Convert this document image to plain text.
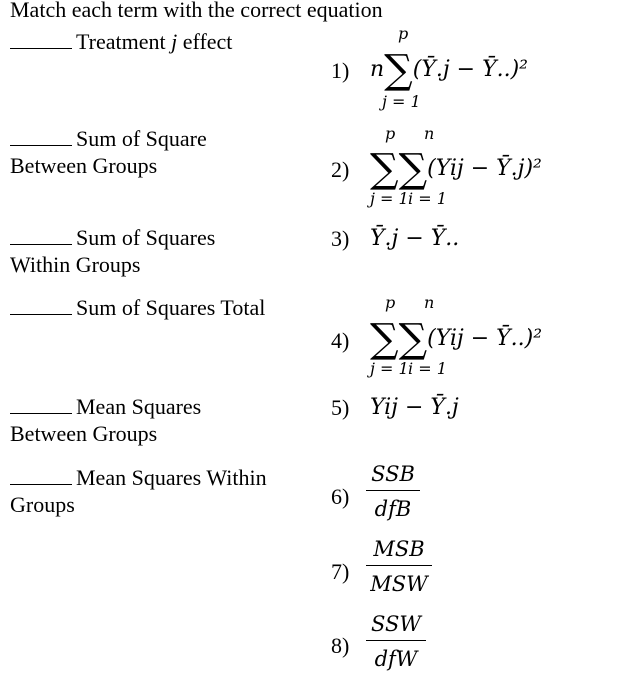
Match each term with the correct equation
Treatment j effect
Sum of Square
Between Groups
Sum of Squares
Within Groups
Sum of Squares Total
Mean Squares
Between Groups
Mean Squares Within
Groups
1)
p
n∑(Ȳ.j − Ȳ..)²
j = 1
2)
p n
∑∑(Yij − Ȳ.j)²
j = 1 i = 1
3) Ȳ.j − Ȳ..
4)
p n
∑∑(Yij − Ȳ..)²
j = 1 i = 1
5) Yij − Ȳ.j
6)
SSB
dfB
7)
MSB
MSW
8)
SSW
dfW
